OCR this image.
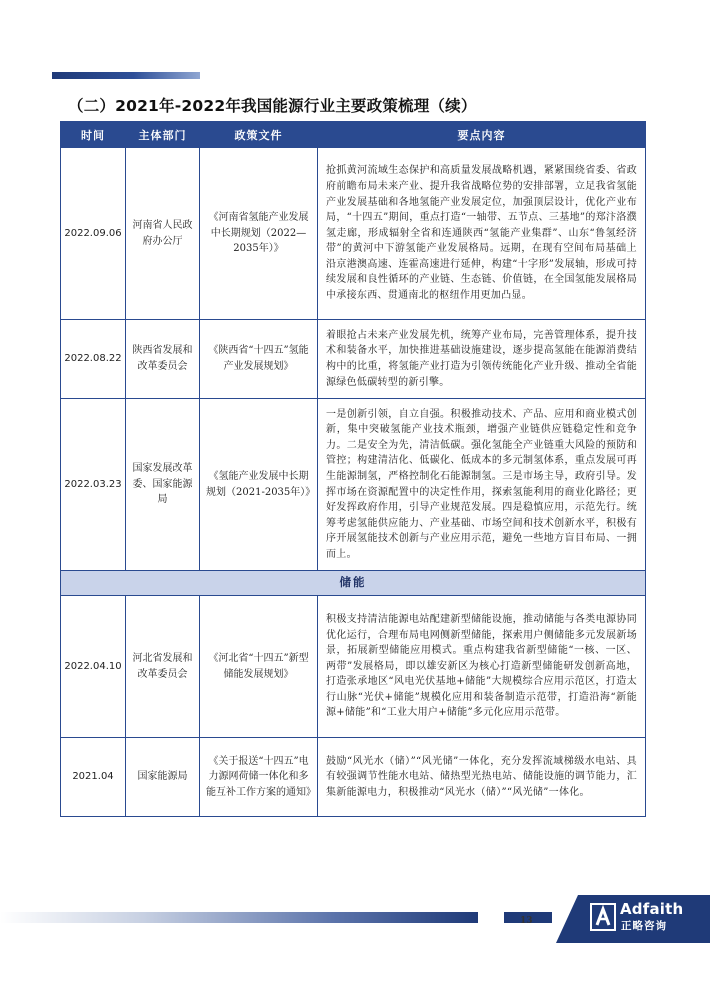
（二）2021年-2022年我国能源行业主要政策梳理（续）
时间	主体部门	政策文件	要点内容
2022.09.06	河南省人民政府办公厅	《河南省氢能产业发展中长期规划（2022—2035年）》	抢抓黄河流域生态保护和高质量发展战略机遇，紧紧围绕省委、省政府前瞻布局未来产业、提升我省战略位势的安排部署，立足我省氢能产业发展基础和各地氢能产业发展定位，加强顶层设计，优化产业布局，“十四五”期间，重点打造“一轴带、五节点、三基地”的郑汴洛濮氢走廊，形成辐射全省和连通陕西“氢能产业集群”、山东“鲁氢经济带”的黄河中下游氢能产业发展格局。远期，在现有空间布局基础上沿京港澳高速、连霍高速进行延伸，构建“十字形”发展轴，形成可持续发展和良性循环的产业链、生态链、价值链，在全国氢能发展格局中承接东西、贯通南北的枢纽作用更加凸显。
2022.08.22	陕西省发展和改革委员会	《陕西省“十四五”氢能产业发展规划》	着眼抢占未来产业发展先机，统筹产业布局，完善管理体系，提升技术和装备水平，加快推进基础设施建设，逐步提高氢能在能源消费结构中的比重，将氢能产业打造为引领传统能化产业升级、推动全省能源绿色低碳转型的新引擎。
2022.03.23	国家发展改革委、国家能源局	《氢能产业发展中长期规划（2021-2035年）》	一是创新引领，自立自强。积极推动技术、产品、应用和商业模式创新，集中突破氢能产业技术瓶颈，增强产业链供应链稳定性和竞争力。二是安全为先，清洁低碳。强化氢能全产业链重大风险的预防和管控；构建清洁化、低碳化、低成本的多元制氢体系，重点发展可再生能源制氢，严格控制化石能源制氢。三是市场主导，政府引导。发挥市场在资源配置中的决定性作用，探索氢能利用的商业化路径；更好发挥政府作用，引导产业规范发展。四是稳慎应用，示范先行。统筹考虑氢能供应能力、产业基础、市场空间和技术创新水平，积极有序开展氢能技术创新与产业应用示范，避免一些地方盲目布局、一拥而上。
储能			
2022.04.10	河北省发展和改革委员会	《河北省“十四五”新型储能发展规划》	积极支持清洁能源电站配建新型储能设施，推动储能与各类电源协同优化运行，合理布局电网侧新型储能，探索用户侧储能多元发展新场景，拓展新型储能应用模式。重点构建我省新型储能“一核、一区、两带”发展格局，即以雄安新区为核心打造新型储能研发创新高地，打造张承地区“风电光伏基地+储能”大规模综合应用示范区，打造太行山脉“光伏+储能”规模化应用和装备制造示范带，打造沿海“新能源+储能”和“工业大用户+储能”多元化应用示范带。
2021.04	国家能源局	《关于报送“十四五”电力源网荷储一体化和多能互补工作方案的通知》	鼓励“风光水（储）”“风光储”一体化，充分发挥流域梯级水电站、具有较强调节性能水电站、储热型光热电站、储能设施的调节能力，汇集新能源电力，积极推动“风光水（储）”“风光储”一体化。
13
Adfaith
正略咨询
